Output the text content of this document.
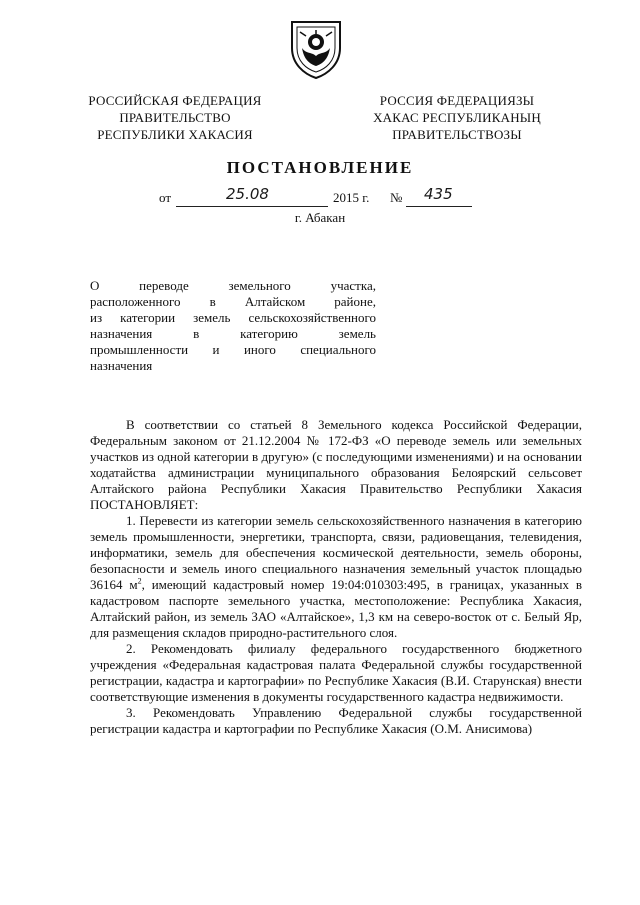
РОССИЙСКАЯ ФЕДЕРАЦИЯ
ПРАВИТЕЛЬСТВО
РЕСПУБЛИКИ ХАКАСИЯ
РОССИЯ ФЕДЕРАЦИЯЗЫ
ХАКАС РЕСПУБЛИКАНЫҢ
ПРАВИТЕЛЬСТВОЗЫ
ПОСТАНОВЛЕНИЕ
от	25.08	2015 г. № 435
г. Абакан
О переводе земельного участка,
расположенного в Алтайском районе,
из категории земель сельскохозяйственного
назначения в категорию земель
промышленности и иного специального
назначения

В соответствии со статьей 8 Земельного кодекса Российской Федерации, Федеральным законом от 21.12.2004 № 172-ФЗ «О переводе земель или земельных участков из одной категории в другую» (с последующими изменениями) и на основании ходатайства администрации муниципального образования Белоярский сельсовет Алтайского района Республики Хакасия Правительство Республики Хакасия ПОСТАНОВЛЯЕТ:

1. Перевести из категории земель сельскохозяйственного назначения в категорию земель промышленности, энергетики, транспорта, связи, радиовещания, телевидения, информатики, земель для обеспечения космической деятельности, земель обороны, безопасности и земель иного специального назначения земельный участок площадью 36164 $м^2$, имеющий кадастровый номер 19:04:010303:495, в границах, указанных в кадастровом паспорте земельного участка, местоположение: Республика Хакасия, Алтайский район, из земель ЗАО «Алтайское», 1,3 км на северо-восток от с. Белый Яр, для размещения складов природно-растительного слоя.

2. Рекомендовать филиалу федерального государственного бюджетного учреждения «Федеральная кадастровая палата Федеральной службы государственной регистрации, кадастра и картографии» по Республике Хакасия (В.И. Старунская) внести соответствующие изменения в документы государственного кадастра недвижимости.

3. Рекомендовать Управлению Федеральной службы государственной регистрации кадастра и картографии по Республике Хакасия (О.М. Анисимова)
